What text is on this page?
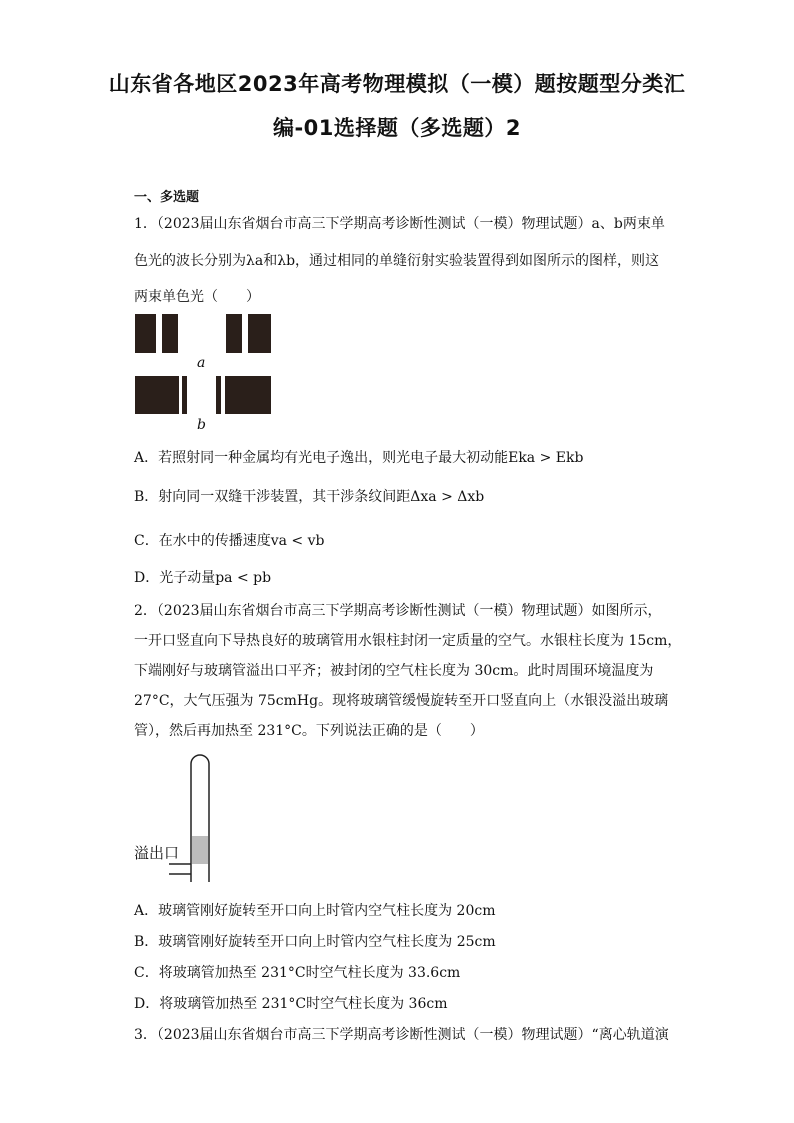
山东省各地区2023年高考物理模拟（一模）题按题型分类汇
编-01选择题（多选题）2
一、多选题
1．（2023届山东省烟台市高三下学期高考诊断性测试（一模）物理试题）a、b两束单
色光的波长分别为λa和λb，通过相同的单缝衍射实验装置得到如图所示的图样，则这
两束单色光（　　）
a
b
A．若照射同一种金属均有光电子逸出，则光电子最大初动能Eka > Ekb
B．射向同一双缝干涉装置，其干涉条纹间距Δxa > Δxb
C．在水中的传播速度va < vb
D．光子动量pa < pb
2．（2023届山东省烟台市高三下学期高考诊断性测试（一模）物理试题）如图所示，
一开口竖直向下导热良好的玻璃管用水银柱封闭一定质量的空气。水银柱长度为 15cm，
下端刚好与玻璃管溢出口平齐；被封闭的空气柱长度为 30cm。此时周围环境温度为
27°C，大气压强为 75cmHg。现将玻璃管缓慢旋转至开口竖直向上（水银没溢出玻璃
管），然后再加热至 231°C。下列说法正确的是（　　）
溢出口
A．玻璃管刚好旋转至开口向上时管内空气柱长度为 20cm
B．玻璃管刚好旋转至开口向上时管内空气柱长度为 25cm
C．将玻璃管加热至 231°C时空气柱长度为 33.6cm
D．将玻璃管加热至 231°C时空气柱长度为 36cm
3．（2023届山东省烟台市高三下学期高考诊断性测试（一模）物理试题）“离心轨道演
